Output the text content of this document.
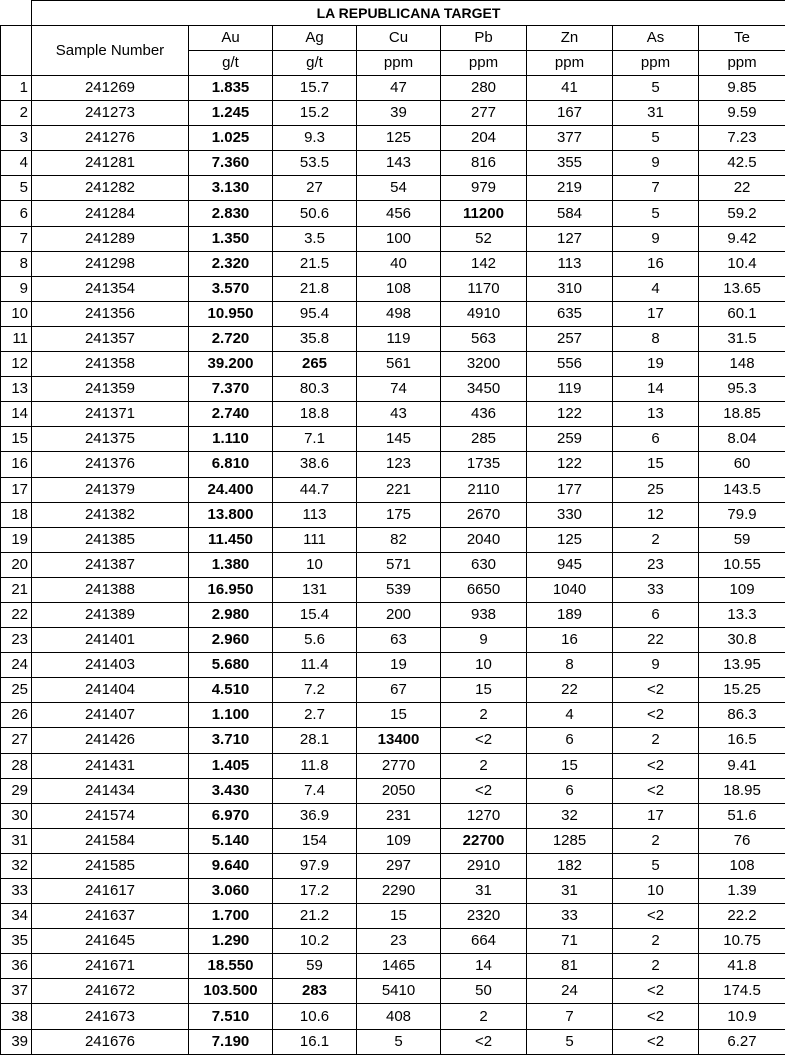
	LA REPUBLICANA TARGET							
	Sample Number	Au	Ag	Cu	Pb	Zn	As	Te
		g/t	g/t	ppm	ppm	ppm	ppm	ppm
1	241269	1.835	15.7	47	280	41	5	9.85
2	241273	1.245	15.2	39	277	167	31	9.59
3	241276	1.025	9.3	125	204	377	5	7.23
4	241281	7.360	53.5	143	816	355	9	42.5
5	241282	3.130	27	54	979	219	7	22
6	241284	2.830	50.6	456	11200	584	5	59.2
7	241289	1.350	3.5	100	52	127	9	9.42
8	241298	2.320	21.5	40	142	113	16	10.4
9	241354	3.570	21.8	108	1170	310	4	13.65
10	241356	10.950	95.4	498	4910	635	17	60.1
11	241357	2.720	35.8	119	563	257	8	31.5
12	241358	39.200	265	561	3200	556	19	148
13	241359	7.370	80.3	74	3450	119	14	95.3
14	241371	2.740	18.8	43	436	122	13	18.85
15	241375	1.110	7.1	145	285	259	6	8.04
16	241376	6.810	38.6	123	1735	122	15	60
17	241379	24.400	44.7	221	2110	177	25	143.5
18	241382	13.800	113	175	2670	330	12	79.9
19	241385	11.450	111	82	2040	125	2	59
20	241387	1.380	10	571	630	945	23	10.55
21	241388	16.950	131	539	6650	1040	33	109
22	241389	2.980	15.4	200	938	189	6	13.3
23	241401	2.960	5.6	63	9	16	22	30.8
24	241403	5.680	11.4	19	10	8	9	13.95
25	241404	4.510	7.2	67	15	22	<2	15.25
26	241407	1.100	2.7	15	2	4	<2	86.3
27	241426	3.710	28.1	13400	<2	6	2	16.5
28	241431	1.405	11.8	2770	2	15	<2	9.41
29	241434	3.430	7.4	2050	<2	6	<2	18.95
30	241574	6.970	36.9	231	1270	32	17	51.6
31	241584	5.140	154	109	22700	1285	2	76
32	241585	9.640	97.9	297	2910	182	5	108
33	241617	3.060	17.2	2290	31	31	10	1.39
34	241637	1.700	21.2	15	2320	33	<2	22.2
35	241645	1.290	10.2	23	664	71	2	10.75
36	241671	18.550	59	1465	14	81	2	41.8
37	241672	103.500	283	5410	50	24	<2	174.5
38	241673	7.510	10.6	408	2	7	<2	10.9
39	241676	7.190	16.1	5	<2	5	<2	6.27
